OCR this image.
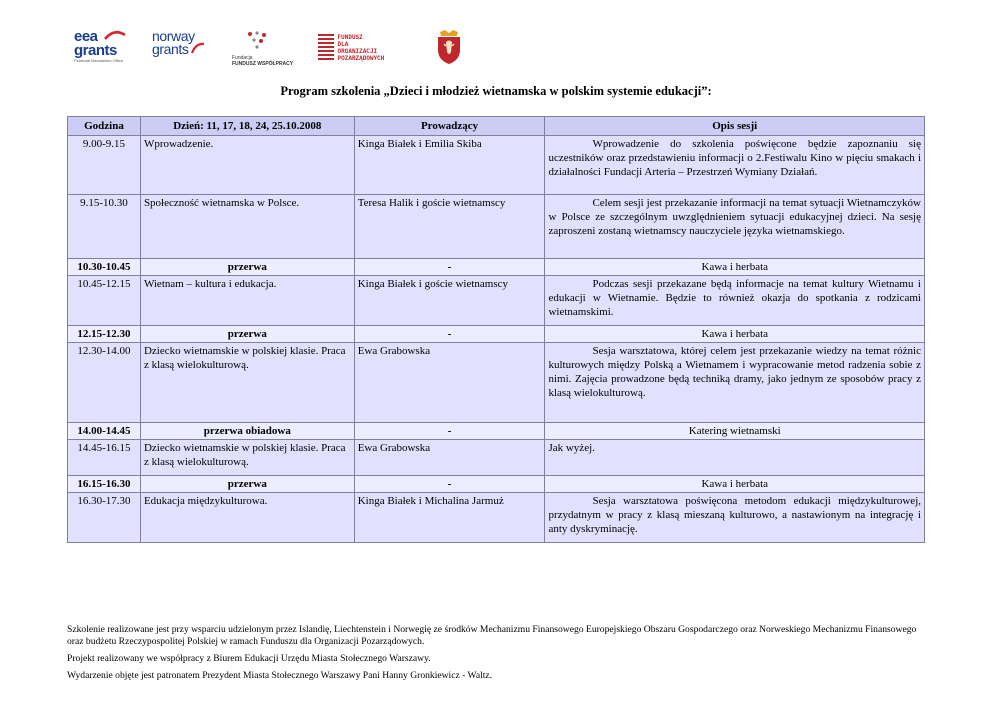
eea
grants
Financial Mechanism Office
norway
grants
Fundacja
FUNDUSZ WSPÓŁPRACY
FUNDUSZ
DLA ORGANIZACJI
POZARZĄDOWYCH
Program szkolenia „Dzieci i młodzież wietnamska w polskim systemie edukacji”:
Godzina	Dzień: 11, 17, 18, 24, 25.10.2008	Prowadzący	Opis sesji
9.00-9.15	Wprowadzenie.	Kinga Białek i Emilia Skiba	Wprowadzenie do szkolenia poświęcone będzie zapoznaniu się uczestników oraz przedstawieniu informacji o 2.Festiwalu Kino w pięciu smakach i działalności Fundacji Arteria – Przestrzeń Wymiany Działań.
9.15-10.30	Społeczność wietnamska w Polsce.	Teresa Halik i goście wietnamscy	Celem sesji jest przekazanie informacji na temat sytuacji Wietnamczyków w Polsce ze szczególnym uwzględnieniem sytuacji edukacyjnej dzieci. Na sesję zaproszeni zostaną wietnamscy nauczyciele języka wietnamskiego.
10.30-10.45	przerwa	-	Kawa i herbata
10.45-12.15	Wietnam – kultura i edukacja.	Kinga Białek i goście wietnamscy	Podczas sesji przekazane będą informacje na temat kultury Wietnamu i edukacji w Wietnamie. Będzie to również okazja do spotkania z rodzicami wietnamskimi.
12.15-12.30	przerwa	-	Kawa i herbata
12.30-14.00	Dziecko wietnamskie w polskiej klasie. Praca z klasą wielokulturową.	Ewa Grabowska	Sesja warsztatowa, której celem jest przekazanie wiedzy na temat różnic kulturowych między Polską a Wietnamem i wypracowanie metod radzenia sobie z nimi. Zajęcia prowadzone będą techniką dramy, jako jednym ze sposobów pracy z klasą wielokulturową.
14.00-14.45	przerwa obiadowa	-	Katering wietnamski
14.45-16.15	Dziecko wietnamskie w polskiej klasie. Praca z klasą wielokulturową.	Ewa Grabowska	Jak wyżej.
16.15-16.30	przerwa	-	Kawa i herbata
16.30-17.30	Edukacja międzykulturowa.	Kinga Białek i Michalina Jarmuż	Sesja warsztatowa poświęcona metodom edukacji międzykulturowej, przydatnym w pracy z klasą mieszaną kulturowo, a nastawionym na integrację i anty dyskryminację.
Szkolenie realizowane jest przy wsparciu udzielonym przez Islandię, Liechtenstein i Norwegię ze środków Mechanizmu Finansowego Europejskiego Obszaru Gospodarczego oraz Norweskiego Mechanizmu Finansowego oraz budżetu Rzeczypospolitej Polskiej w ramach Funduszu dla Organizacji Pozarządowych.
Projekt realizowany we współpracy z Biurem Edukacji Urzędu Miasta Stołecznego Warszawy.
Wydarzenie objęte jest patronatem Prezydent Miasta Stołecznego Warszawy Pani Hanny Gronkiewicz - Waltz.
